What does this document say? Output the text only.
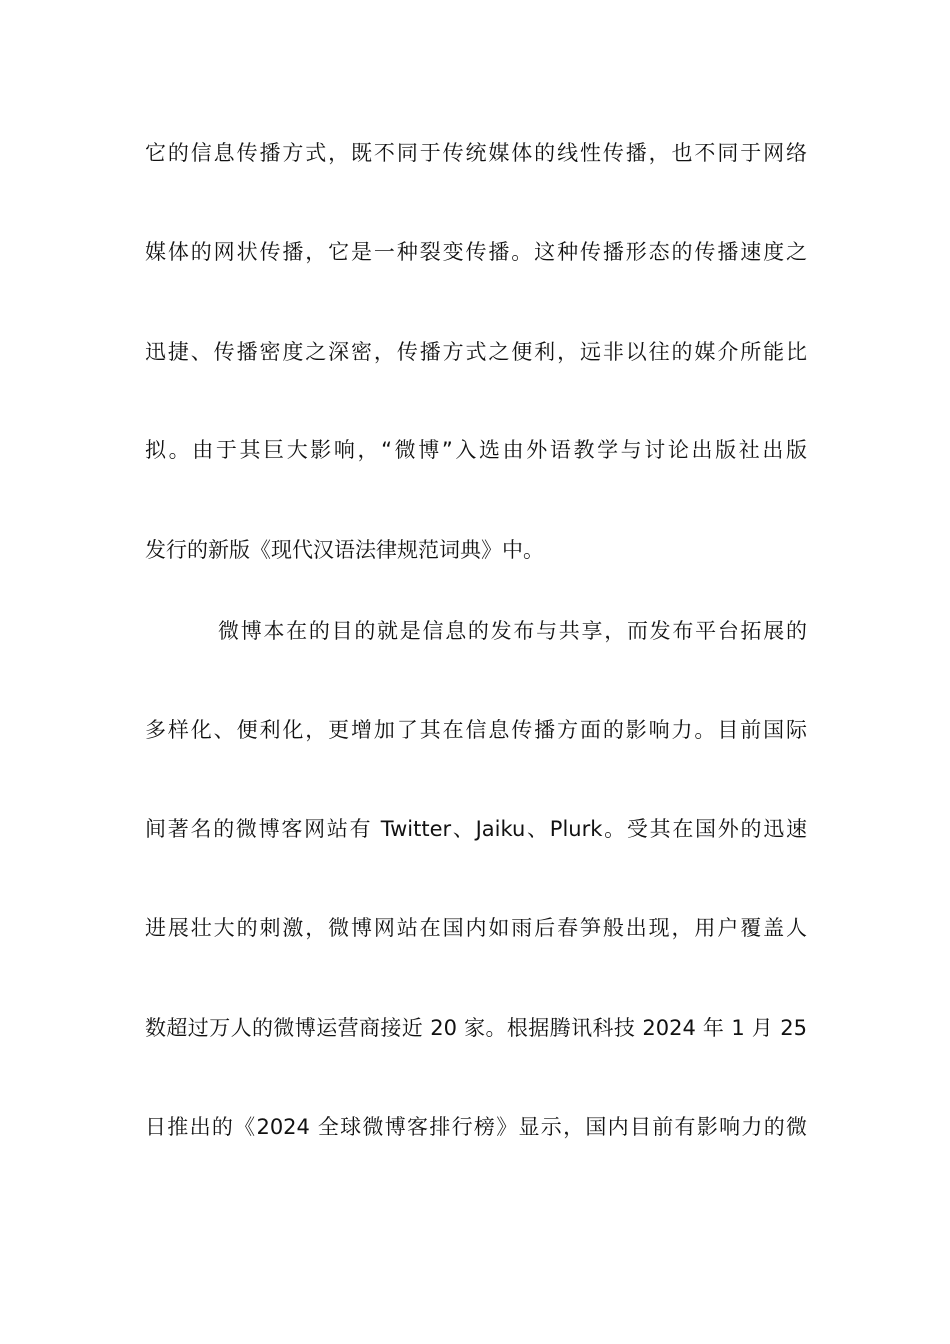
它的信息传播方式，既不同于传统媒体的线性传播，也不同于网络
媒体的网状传播，它是一种裂变传播。这种传播形态的传播速度之
迅捷、传播密度之深密，传播方式之便利，远非以往的媒介所能比
拟。由于其巨大影响，“微博”入选由外语教学与讨论出版社出版
发行的新版《现代汉语法律规范词典》中。
微博本在的目的就是信息的发布与共享，而发布平台拓展的
多样化、便利化，更增加了其在信息传播方面的影响力。目前国际
间著名的微博客网站有 Twitter、Jaiku、Plurk。受其在国外的迅速
进展壮大的刺激，微博网站在国内如雨后春笋般出现，用户覆盖人
数超过万人的微博运营商接近 20 家。根据腾讯科技 2024 年 1 月 25
日推出的《2024 全球微博客排行榜》显示，国内目前有影响力的微
